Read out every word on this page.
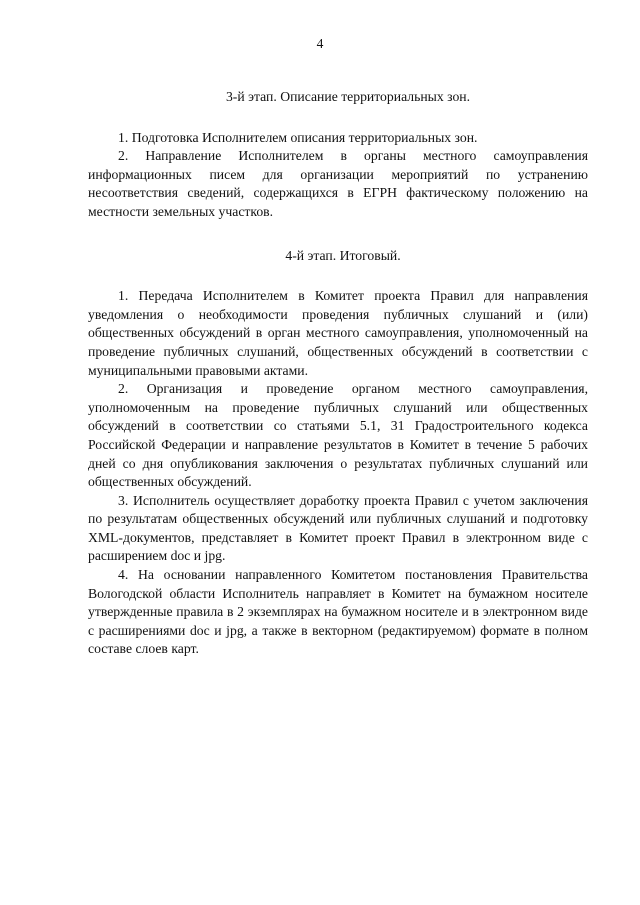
4

3-й этап. Описание территориальных зон.

1. Подготовка Исполнителем описания территориальных зон.

2. Направление Исполнителем в органы местного самоуправления информационных писем для организации мероприятий по устранению несоответствия сведений, содержащихся в ЕГРН фактическому положению на местности земельных участков.

4-й этап. Итоговый.

1. Передача Исполнителем в Комитет проекта Правил для направления уведомления о необходимости проведения публичных слушаний и (или) общественных обсуждений в орган местного самоуправления, уполномоченный на проведение публичных слушаний, общественных обсуждений в соответствии с муниципальными правовыми актами.

2. Организация и проведение органом местного самоуправления, уполномоченным на проведение публичных слушаний или общественных обсуждений в соответствии со статьями 5.1, 31 Градостроительного кодекса Российской Федерации и направление результатов в Комитет в течение 5 рабочих дней со дня опубликования заключения о результатах публичных слушаний или общественных обсуждений.

3. Исполнитель осуществляет доработку проекта Правил с учетом заключения по результатам общественных обсуждений или публичных слушаний и подготовку XML-документов, представляет в Комитет проект Правил в электронном виде с расширением doc и jpg.

4. На основании направленного Комитетом постановления Правительства Вологодской области Исполнитель направляет в Комитет на бумажном носителе утвержденные правила в 2 экземплярах на бумажном носителе и в электронном виде с расширениями doc и jpg, а также в векторном (редактируемом) формате в полном составе слоев карт.
